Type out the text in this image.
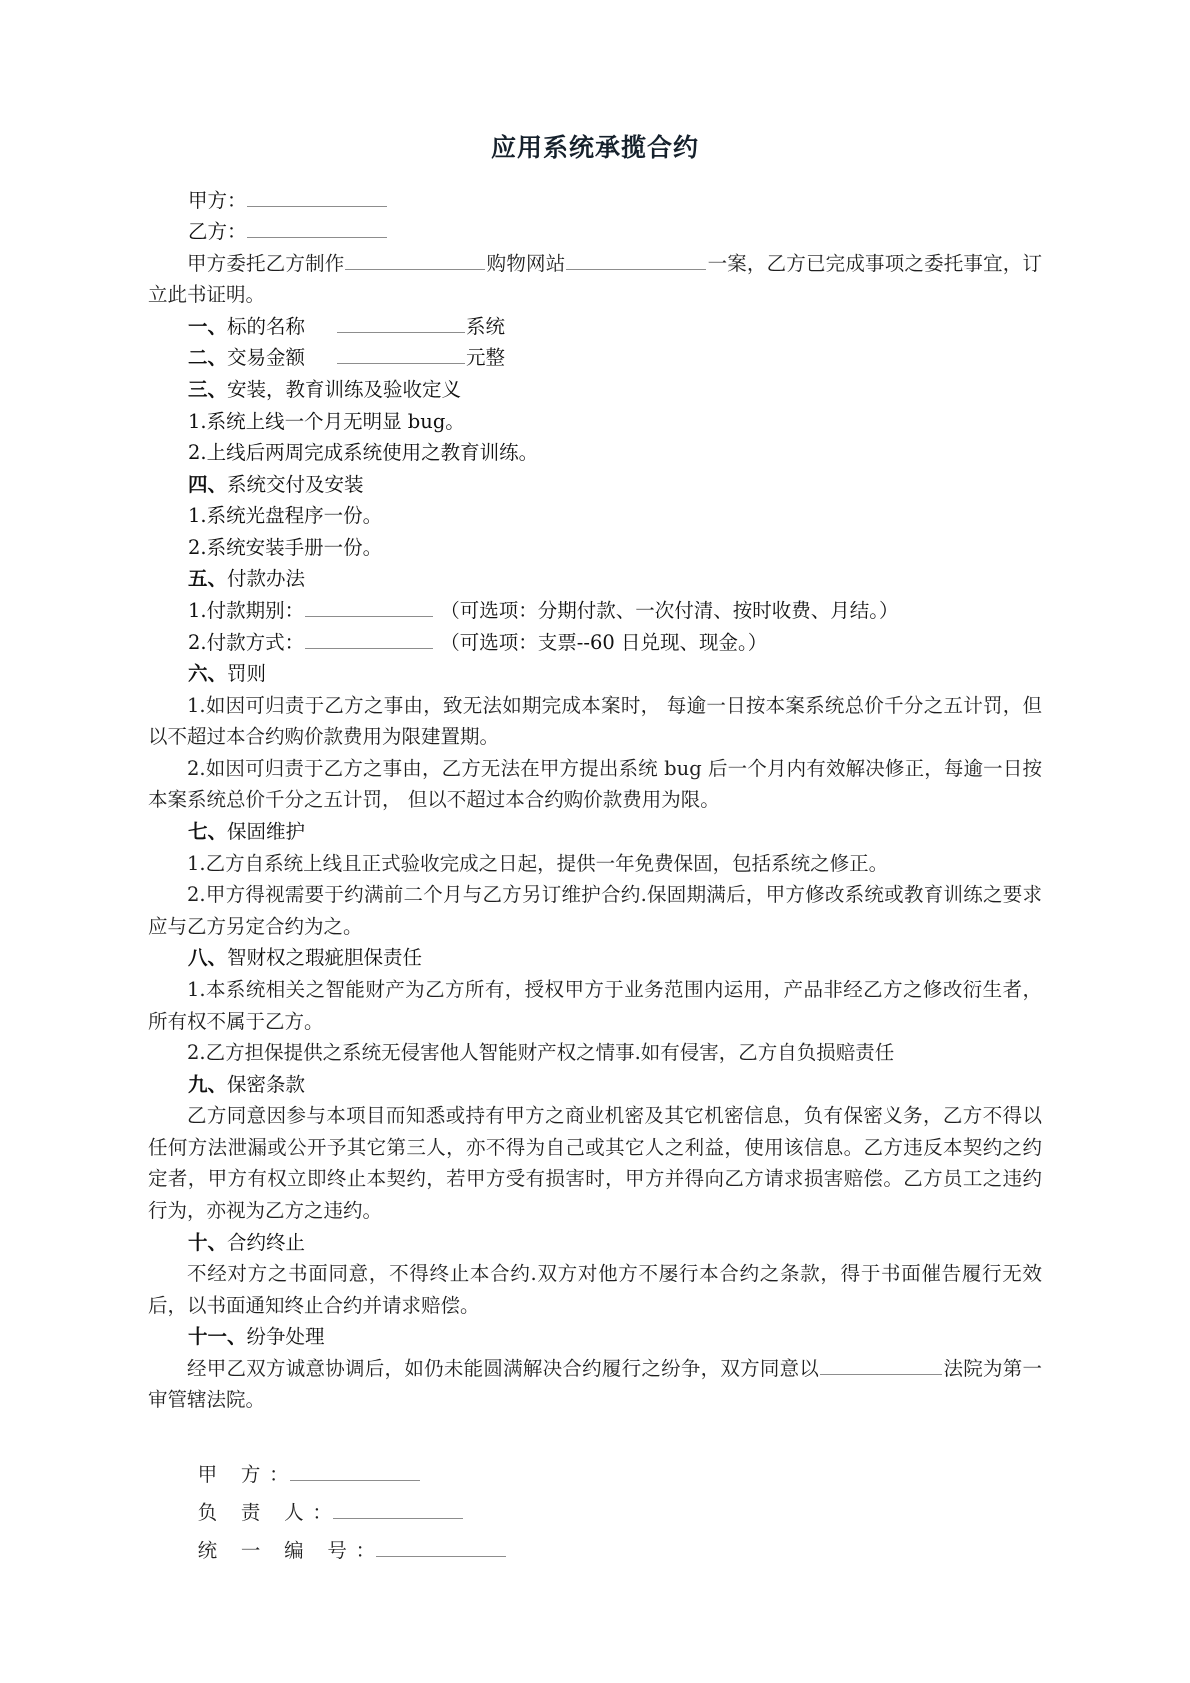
应用系统承揽合约
甲方：
乙方：

甲方委托乙方制作	购物网站	一案，乙方已完成事项之委托事宜，订立此书证明。

一、标的名称	系统
二、交易金额	元整
三、安装，教育训练及验收定义
1.系统上线一个月无明显 bug。
2.上线后两周完成系统使用之教育训练。
四、系统交付及安装
1.系统光盘程序一份。
2.系统安装手册一份。
五、付款办法
1.付款期别：	（可选项：分期付款、一次付清、按时收费、月结。）
2.付款方式：	（可选项：支票--60 日兑现、现金。）
六、罚则

1.如因可归责于乙方之事由，致无法如期完成本案时， 每逾一日按本案系统总价千分之五计罚，但以不超过本合约购价款费用为限建置期。

2.如因可归责于乙方之事由，乙方无法在甲方提出系统 bug 后一个月内有效解决修正，每逾一日按本案系统总价千分之五计罚， 但以不超过本合约购价款费用为限。

七、保固维护

1.乙方自系统上线且正式验收完成之日起，提供一年免费保固，包括系统之修正。

2.甲方得视需要于约满前二个月与乙方另订维护合约.保固期满后，甲方修改系统或教育训练之要求应与乙方另定合约为之。

八、智财权之瑕疵胆保责任

1.本系统相关之智能财产为乙方所有，授权甲方于业务范围内运用，产品非经乙方之修改衍生者，所有权不属于乙方。

2.乙方担保提供之系统无侵害他人智能财产权之情事.如有侵害，乙方自负损赔责任

九、保密条款

乙方同意因参与本项目而知悉或持有甲方之商业机密及其它机密信息，负有保密义务，乙方不得以任何方法泄漏或公开予其它第三人，亦不得为自己或其它人之利益，使用该信息。乙方违反本契约之约定者，甲方有权立即终止本契约，若甲方受有损害时，甲方并得向乙方请求损害赔偿。乙方员工之违约行为，亦视为乙方之违约。

十、合约终止

不经对方之书面同意，不得终止本合约.双方对他方不屡行本合约之条款，得于书面催告履行无效后，以书面通知终止合约并请求赔偿。

十一、纷争处理

经甲乙双方诚意协调后，如仍未能圆满解决合约履行之纷争，双方同意以	法院为第一审管辖法院。

甲 方：
负 责 人：
统 一 编 号：
